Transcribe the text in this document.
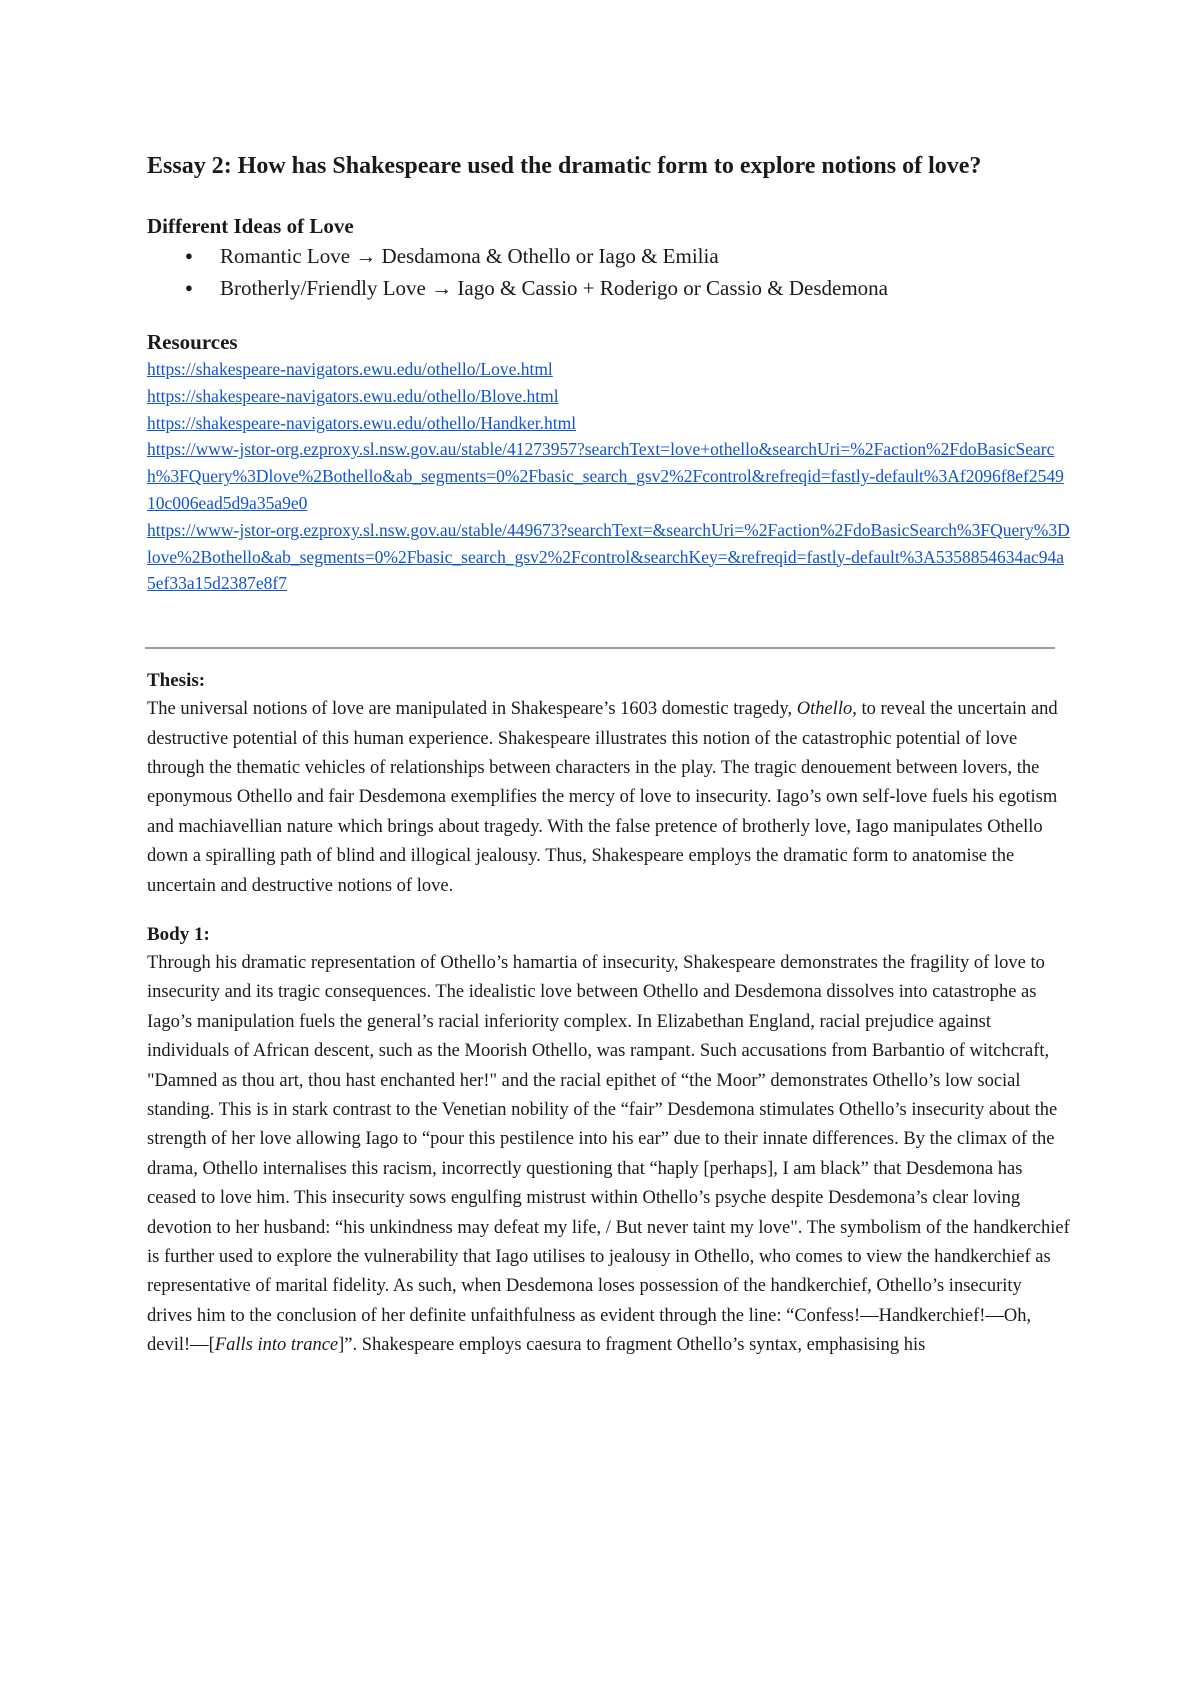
Essay 2: How has Shakespeare used the dramatic form to explore notions of love?
Different Ideas of Love
● Romantic Love → Desdamona & Othello or Iago & Emilia
● Brotherly/Friendly Love → Iago & Cassio + Roderigo or Cassio & Desdemona
Resources
https://shakespeare-navigators.ewu.edu/othello/Love.html
https://shakespeare-navigators.ewu.edu/othello/Blove.html
https://shakespeare-navigators.ewu.edu/othello/Handker.html
https://www-jstor-org.ezproxy.sl.nsw.gov.au/stable/41273957?searchText=love+othello&searchUri=%2Faction%2FdoBasicSearch%3FQuery%3Dlove%2Bothello&ab_segments=0%2Fbasic_search_gsv2%2Fcontrol&refreqid=fastly-default%3Af2096f8ef254910c006ead5d9a35a9e0
https://www-jstor-org.ezproxy.sl.nsw.gov.au/stable/449673?searchText=&searchUri=%2Faction%2FdoBasicSearch%3FQuery%3Dlove%2Bothello&ab_segments=0%2Fbasic_search_gsv2%2Fcontrol&searchKey=&refreqid=fastly-default%3A5358854634ac94a5ef33a15d2387e8f7
Thesis:

The universal notions of love are manipulated in Shakespeare’s 1603 domestic tragedy, Othello, to reveal the uncertain and destructive potential of this human experience. Shakespeare illustrates this notion of the catastrophic potential of love through the thematic vehicles of relationships between characters in the play. The tragic denouement between lovers, the eponymous Othello and fair Desdemona exemplifies the mercy of love to insecurity. Iago’s own self-love fuels his egotism and machiavellian nature which brings about tragedy. With the false pretence of brotherly love, Iago manipulates Othello down a spiralling path of blind and illogical jealousy. Thus, Shakespeare employs the dramatic form to anatomise the uncertain and destructive notions of love.

Body 1:

Through his dramatic representation of Othello’s hamartia of insecurity, Shakespeare demonstrates the fragility of love to insecurity and its tragic consequences. The idealistic love between Othello and Desdemona dissolves into catastrophe as Iago’s manipulation fuels the general’s racial inferiority complex. In Elizabethan England, racial prejudice against individuals of African descent, such as the Moorish Othello, was rampant. Such accusations from Barbantio of witchcraft, "Damned as thou art, thou hast enchanted her!" and the racial epithet of “the Moor” demonstrates Othello’s low social standing. This is in stark contrast to the Venetian nobility of the “fair” Desdemona stimulates Othello’s insecurity about the strength of her love allowing Iago to “pour this pestilence into his ear” due to their innate differences. By the climax of the drama, Othello internalises this racism, incorrectly questioning that “haply [perhaps], I am black” that Desdemona has ceased to love him. This insecurity sows engulfing mistrust within Othello’s psyche despite Desdemona’s clear loving devotion to her husband: “his unkindness may defeat my life, / But never taint my love". The symbolism of the handkerchief is further used to explore the vulnerability that Iago utilises to jealousy in Othello, who comes to view the handkerchief as representative of marital fidelity. As such, when Desdemona loses possession of the handkerchief, Othello’s insecurity drives him to the conclusion of her definite unfaithfulness as evident through the line: “Confess!—Handkerchief!—Oh, devil!—[Falls into trance]”. Shakespeare employs caesura to fragment Othello’s syntax, emphasising his
